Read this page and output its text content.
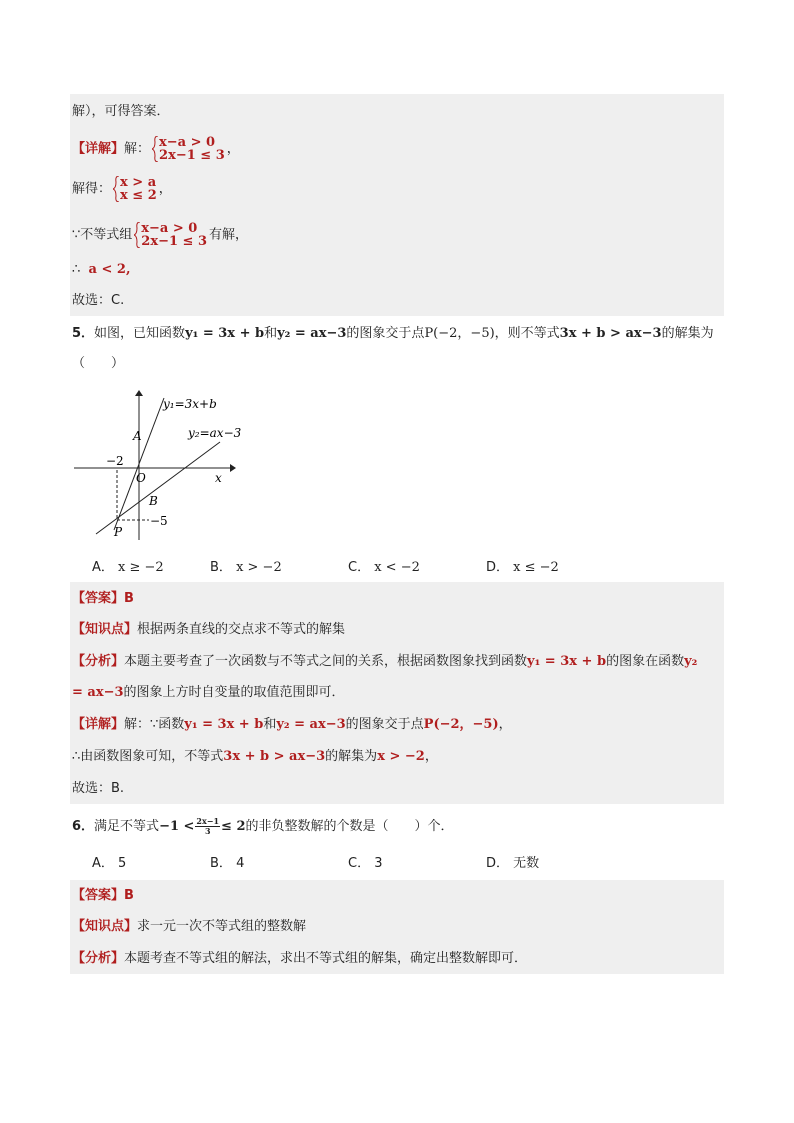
解），可得答案．
【详解】解： x−a > 0
2x−1 ≤ 3 ，
解得： x > a
x ≤ 2 ，
∵不等式组 x−a > 0
2x−1 ≤ 3 有解，
∴ a < 2,
故选：C.
5．如图，已知函数y₁ = 3x + b和y₂ = ax−3的图象交于点P(−2，−5)，则不等式3x + b > ax−3的解集为
（　　）
y₁=3x+b
y₂=ax−3
A
O
B
P
x
−2
−5
A． x ≥ −2	B． x > −2	C． x < −2	D． x ≤ −2
【答案】B
【知识点】根据两条直线的交点求不等式的解集
【分析】本题主要考查了一次函数与不等式之间的关系，根据函数图象找到函数y₁ = 3x + b的图象在函数y₂
= ax−3的图象上方时自变量的取值范围即可．
【详解】解：∵函数y₁ = 3x + b和y₂ = ax−3的图象交于点P(−2，−5)，
∴由函数图象可知，不等式3x + b > ax−3的解集为x > −2，
故选：B.
6．满足不等式$-1 < \frac{2x-1}{3} \le 2$的非负整数解的个数是（　　）个．
A． 5	B． 4	C． 3	D． 无数
【答案】B
【知识点】求一元一次不等式组的整数解
【分析】本题考查不等式组的解法，求出不等式组的解集，确定出整数解即可．
